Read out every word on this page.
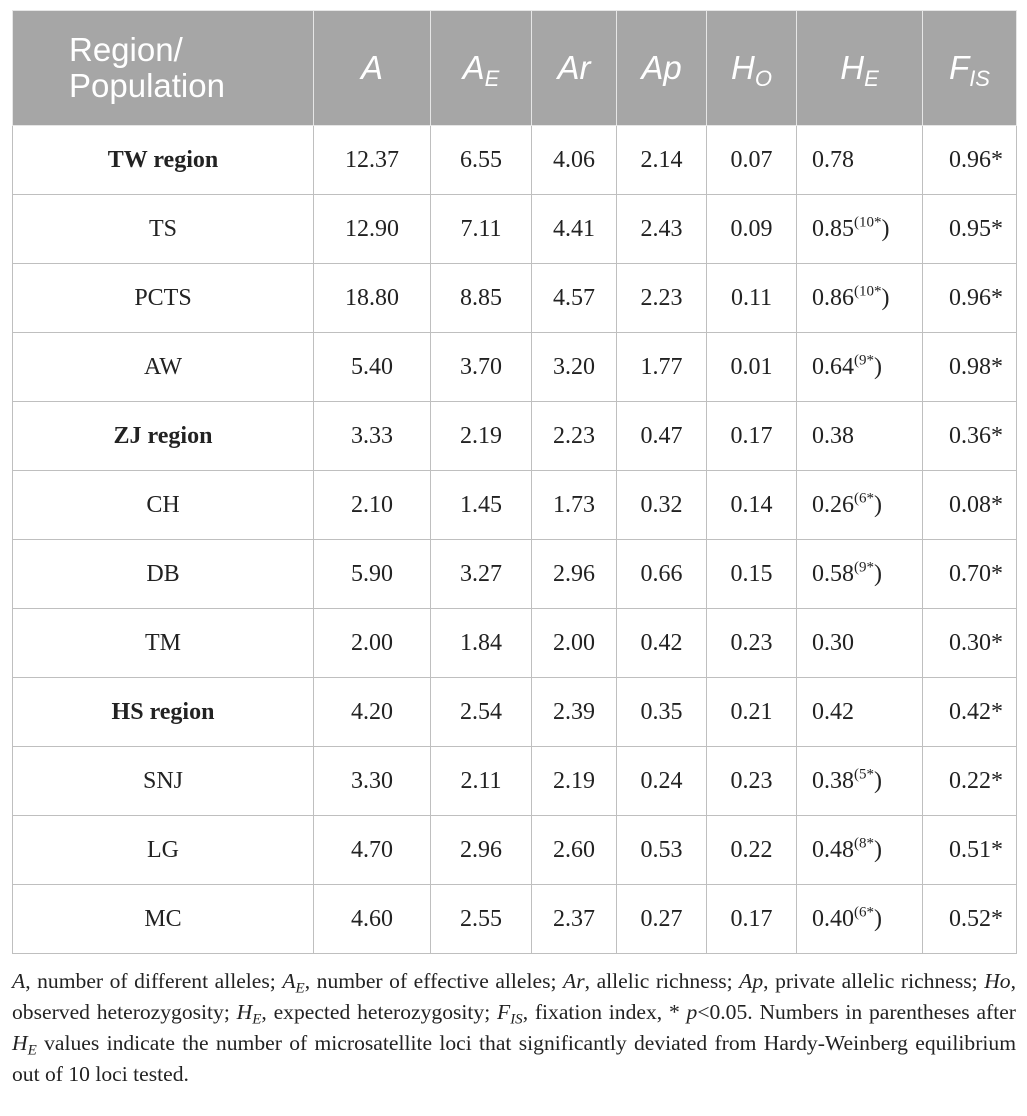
Region/
Population	A	$A_E$	Ar	Ap	$H_O$	$H_E$	$F_{IS}$
TW region	12.37	6.55	4.06	2.14	0.07	0.78	0.96*
TS	12.90	7.11	4.41	2.43	0.09	$0.85^{(10*}$)	0.95*
PCTS	18.80	8.85	4.57	2.23	0.11	$0.86^{(10*}$)	0.96*
AW	5.40	3.70	3.20	1.77	0.01	$0.64^{(9*}$)	0.98*
ZJ region	3.33	2.19	2.23	0.47	0.17	0.38	0.36*
CH	2.10	1.45	1.73	0.32	0.14	$0.26^{(6*}$)	0.08*
DB	5.90	3.27	2.96	0.66	0.15	$0.58^{(9*}$)	0.70*
TM	2.00	1.84	2.00	0.42	0.23	0.30	0.30*
HS region	4.20	2.54	2.39	0.35	0.21	0.42	0.42*
SNJ	3.30	2.11	2.19	0.24	0.23	$0.38^{(5*}$)	0.22*
LG	4.70	2.96	2.60	0.53	0.22	$0.48^{(8*}$)	0.51*
MC	4.60	2.55	2.37	0.27	0.17	$0.40^{(6*}$)	0.52*
A, number of different alleles; $A_E$, number of effective alleles; Ar, allelic richness; Ap, private allelic richness; Ho, observed heterozygosity; $H_E$, expected heterozygosity; $F_{IS}$, fixation index, * p<0.05. Numbers in parentheses after $H_E$ values indicate the number of microsatellite loci that significantly deviated from Hardy-Weinberg equilibrium out of 10 loci tested.
